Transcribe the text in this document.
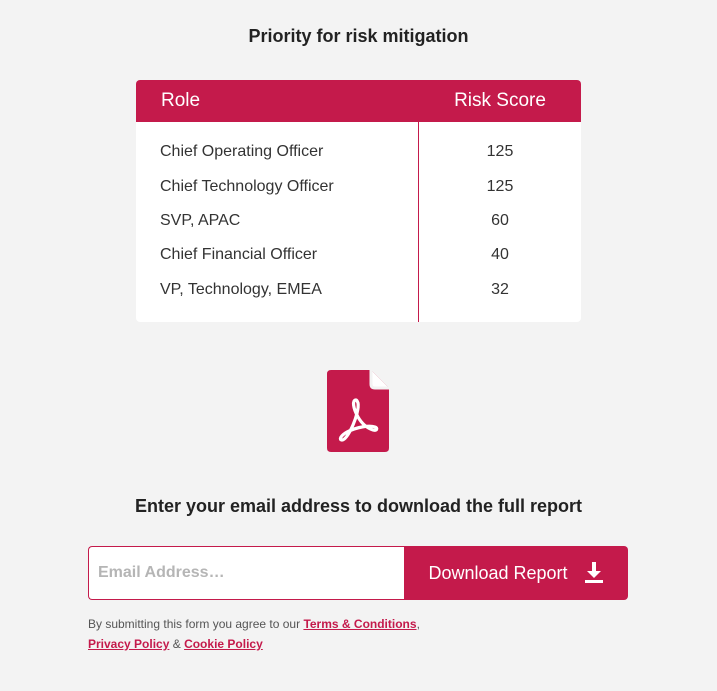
Priority for risk mitigation
Role	Risk Score
Chief Operating Officer	125
Chief Technology Officer	125
SVP, APAC	60
Chief Financial Officer	40
VP, Technology, EMEA	32
Enter your email address to download the full report
Email Address…
Download Report
By submitting this form you agree to our Terms & Conditions,
Privacy Policy & Cookie Policy
